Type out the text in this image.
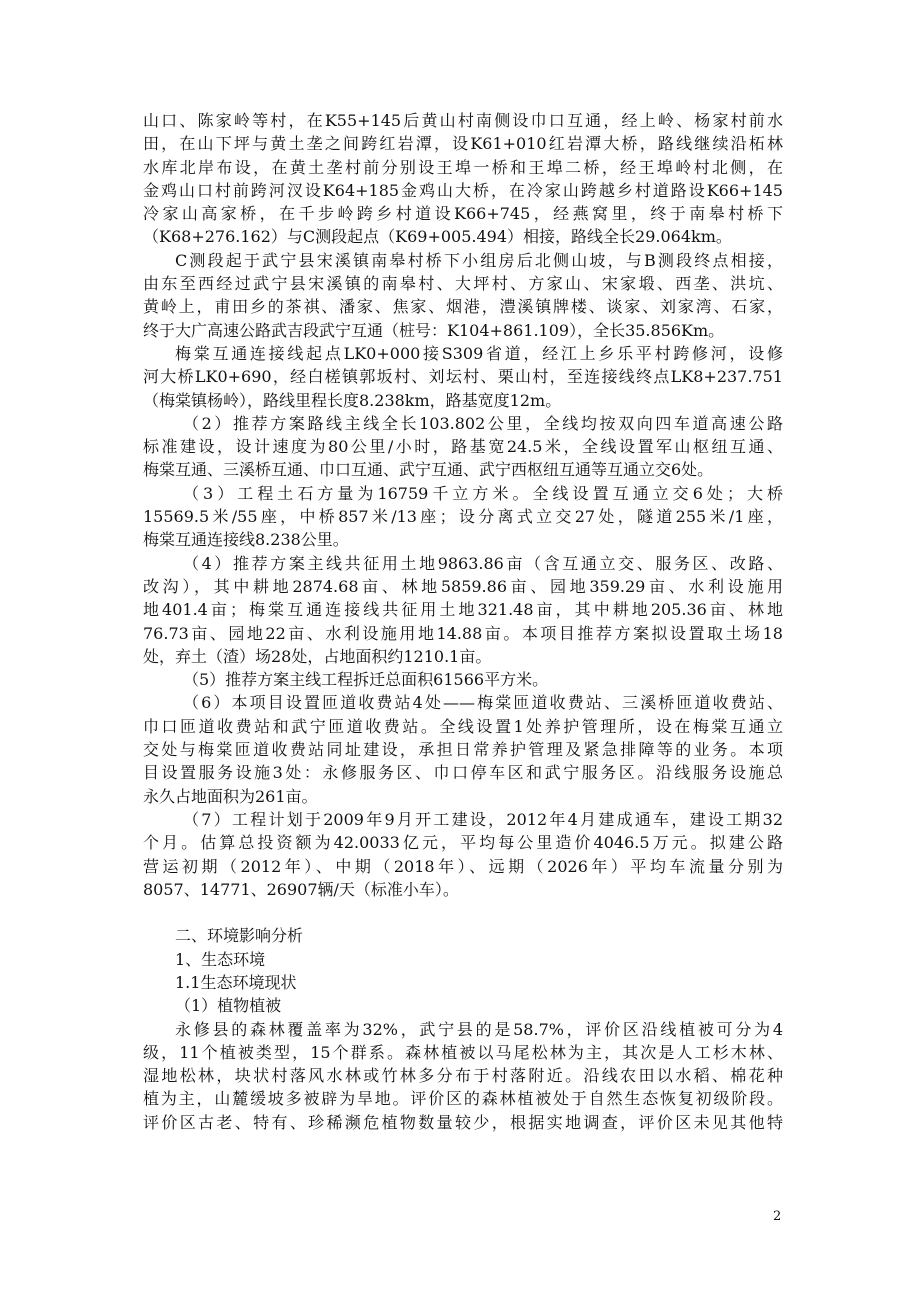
山口、陈家岭等村，在K55+145后黄山村南侧设巾口互通，经上岭、杨家村前水
田，在山下坪与黄土垄之间跨红岩潭，设K61+010红岩潭大桥，路线继续沿柘林
水库北岸布设，在黄土垄村前分别设王埠一桥和王埠二桥，经王埠岭村北侧，在
金鸡山口村前跨河汊设K64+185金鸡山大桥，在冷家山跨越乡村道路设K66+145
冷家山高家桥，在千步岭跨乡村道设K66+745，经燕窝里，终于南皋村桥下
（K68+276.162）与C测段起点（K69+005.494）相接，路线全长29.064km。
C测段起于武宁县宋溪镇南皋村桥下小组房后北侧山坡，与B测段终点相接，
由东至西经过武宁县宋溪镇的南皋村、大坪村、方家山、宋家塅、西垄、洪坑、
黄岭上，甫田乡的茶祺、潘家、焦家、烟港，澧溪镇牌楼、谈家、刘家湾、石家，
终于大广高速公路武吉段武宁互通（桩号：K104+861.109），全长35.856Km。
梅棠互通连接线起点LK0+000接S309省道，经江上乡乐平村跨修河，设修
河大桥LK0+690，经白槎镇郭坂村、刘坛村、栗山村，至连接线终点LK8+237.751
（梅棠镇杨岭），路线里程长度8.238km，路基宽度12m。
（2）推荐方案路线主线全长103.802公里，全线均按双向四车道高速公路
标准建设，设计速度为80公里/小时，路基宽24.5米，全线设置军山枢纽互通、
梅棠互通、三溪桥互通、巾口互通、武宁互通、武宁西枢纽互通等互通立交6处。
（3）工程土石方量为16759千立方米。全线设置互通立交6处；大桥
15569.5米/55座，中桥857米/13座；设分离式立交27处，隧道255米/1座，
梅棠互通连接线8.238公里。
（4）推荐方案主线共征用土地9863.86亩（含互通立交、服务区、改路、
改沟），其中耕地2874.68亩、林地5859.86亩、园地359.29亩、水利设施用
地401.4亩；梅棠互通连接线共征用土地321.48亩，其中耕地205.36亩、林地
76.73亩、园地22亩、水利设施用地14.88亩。本项目推荐方案拟设置取土场18
处，弃土（渣）场28处，占地面积约1210.1亩。
（5）推荐方案主线工程拆迁总面积61566平方米。
（6）本项目设置匝道收费站4处——梅棠匝道收费站、三溪桥匝道收费站、
巾口匝道收费站和武宁匝道收费站。全线设置1处养护管理所，设在梅棠互通立
交处与梅棠匝道收费站同址建设，承担日常养护管理及紧急排障等的业务。本项
目设置服务设施3处：永修服务区、巾口停车区和武宁服务区。沿线服务设施总
永久占地面积为261亩。
（7）工程计划于2009年9月开工建设，2012年4月建成通车，建设工期32
个月。估算总投资额为42.0033亿元，平均每公里造价4046.5万元。拟建公路
营运初期（2012年）、中期（2018年）、远期（2026年）平均车流量分别为
8057、14771、26907辆/天（标准小车）。
二、环境影响分析
1、生态环境
1.1生态环境现状
（1）植物植被
永修县的森林覆盖率为32%，武宁县的是58.7%，评价区沿线植被可分为4
级，11个植被类型，15个群系。森林植被以马尾松林为主，其次是人工杉木林、
湿地松林，块状村落风水林或竹林多分布于村落附近。沿线农田以水稻、棉花种
植为主，山麓缓坡多被辟为旱地。评价区的森林植被处于自然生态恢复初级阶段。
评价区古老、特有、珍稀濒危植物数量较少，根据实地调查，评价区未见其他特
2
